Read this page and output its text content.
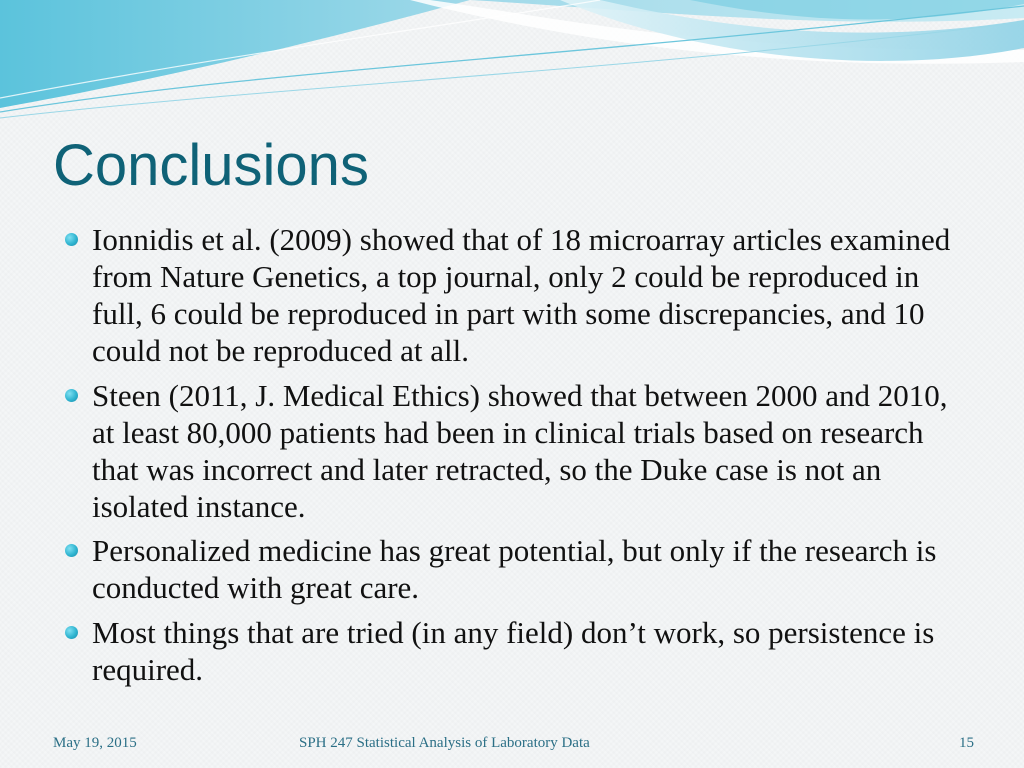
Conclusions
Ionnidis et al. (2009) showed that of 18 microarray articles examined from Nature Genetics, a top journal, only 2 could be reproduced in full, 6 could be reproduced in part with some discrepancies, and 10 could not be reproduced at all.
Steen (2011, J. Medical Ethics) showed that between 2000 and 2010, at least 80,000 patients had been in clinical trials based on research that was incorrect and later retracted, so the Duke case is not an isolated instance.
Personalized medicine has great potential, but only if the research is conducted with great care.
Most things that are tried (in any field) don’t work, so persistence is required.
May 19, 2015	SPH 247 Statistical Analysis of Laboratory Data	15
